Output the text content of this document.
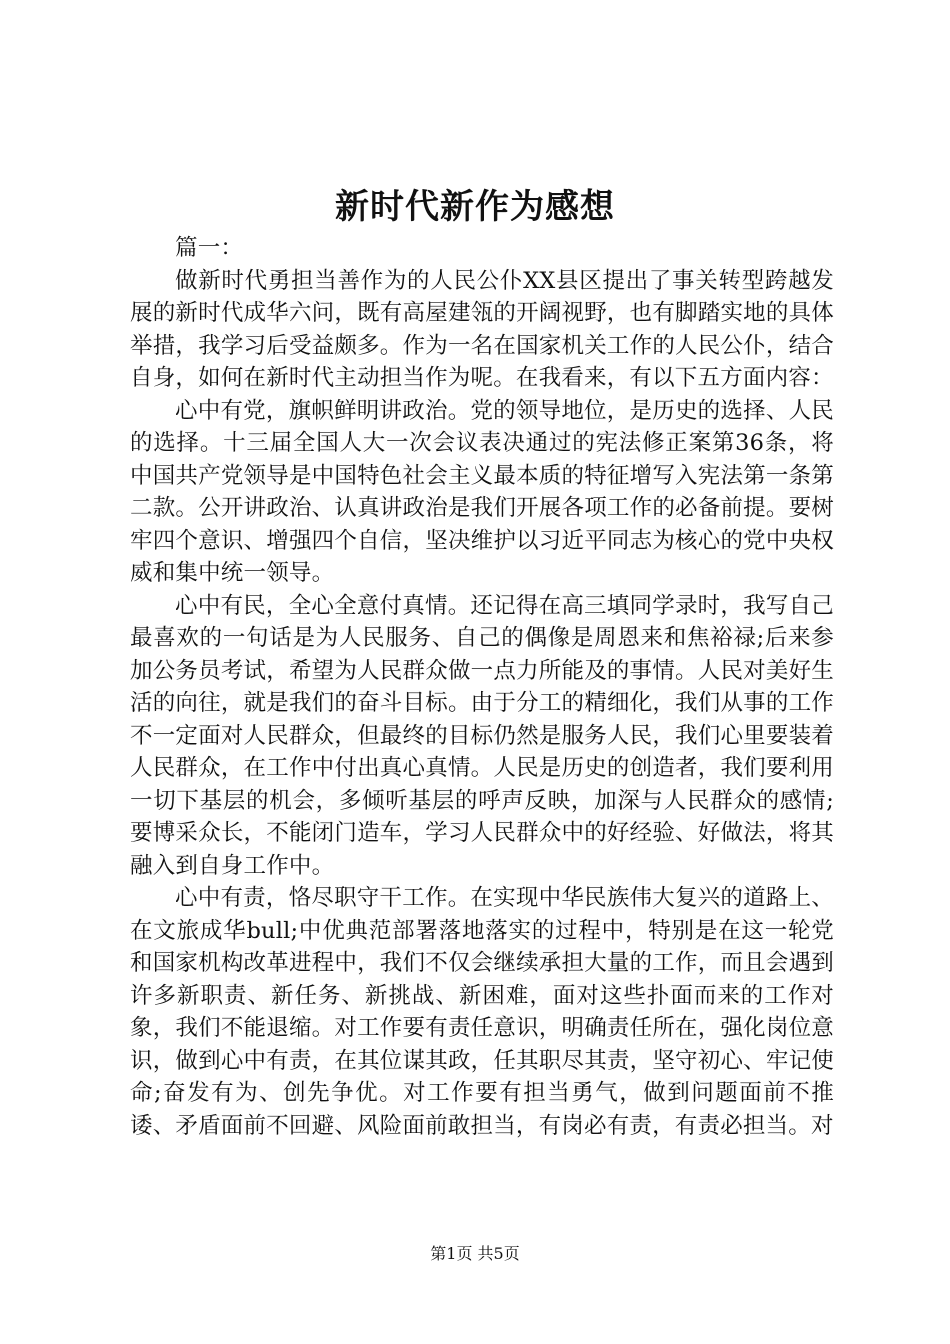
新时代新作为感想

篇一：

做新时代勇担当善作为的人民公仆XX县区提出了事关转型跨越发展的新时代成华六问，既有高屋建瓴的开阔视野，也有脚踏实地的具体举措，我学习后受益颇多。作为一名在国家机关工作的人民公仆，结合自身，如何在新时代主动担当作为呢。在我看来，有以下五方面内容：

心中有党，旗帜鲜明讲政治。党的领导地位，是历史的选择、人民的选择。十三届全国人大一次会议表决通过的宪法修正案第36条，将中国共产党领导是中国特色社会主义最本质的特征增写入宪法第一条第二款。公开讲政治、认真讲政治是我们开展各项工作的必备前提。要树牢四个意识、增强四个自信，坚决维护以习近平同志为核心的党中央权威和集中统一领导。

心中有民，全心全意付真情。还记得在高三填同学录时，我写自己最喜欢的一句话是为人民服务、自己的偶像是周恩来和焦裕禄;后来参加公务员考试，希望为人民群众做一点力所能及的事情。人民对美好生活的向往，就是我们的奋斗目标。由于分工的精细化，我们从事的工作不一定面对人民群众，但最终的目标仍然是服务人民，我们心里要装着人民群众，在工作中付出真心真情。人民是历史的创造者，我们要利用一切下基层的机会，多倾听基层的呼声反映，加深与人民群众的感情;要博采众长，不能闭门造车，学习人民群众中的好经验、好做法，将其融入到自身工作中。

心中有责，恪尽职守干工作。在实现中华民族伟大复兴的道路上、在文旅成华bull;中优典范部署落地落实的过程中，特别是在这一轮党和国家机构改革进程中，我们不仅会继续承担大量的工作，而且会遇到许多新职责、新任务、新挑战、新困难，面对这些扑面而来的工作对象，我们不能退缩。对工作要有责任意识，明确责任所在，强化岗位意识，做到心中有责，在其位谋其政，任其职尽其责，坚守初心、牢记使命;奋发有为、创先争优。对工作要有担当勇气，做到问题面前不推诿、矛盾面前不回避、风险面前敢担当，有岗必有责，有责必担当。对

第1页 共5页
